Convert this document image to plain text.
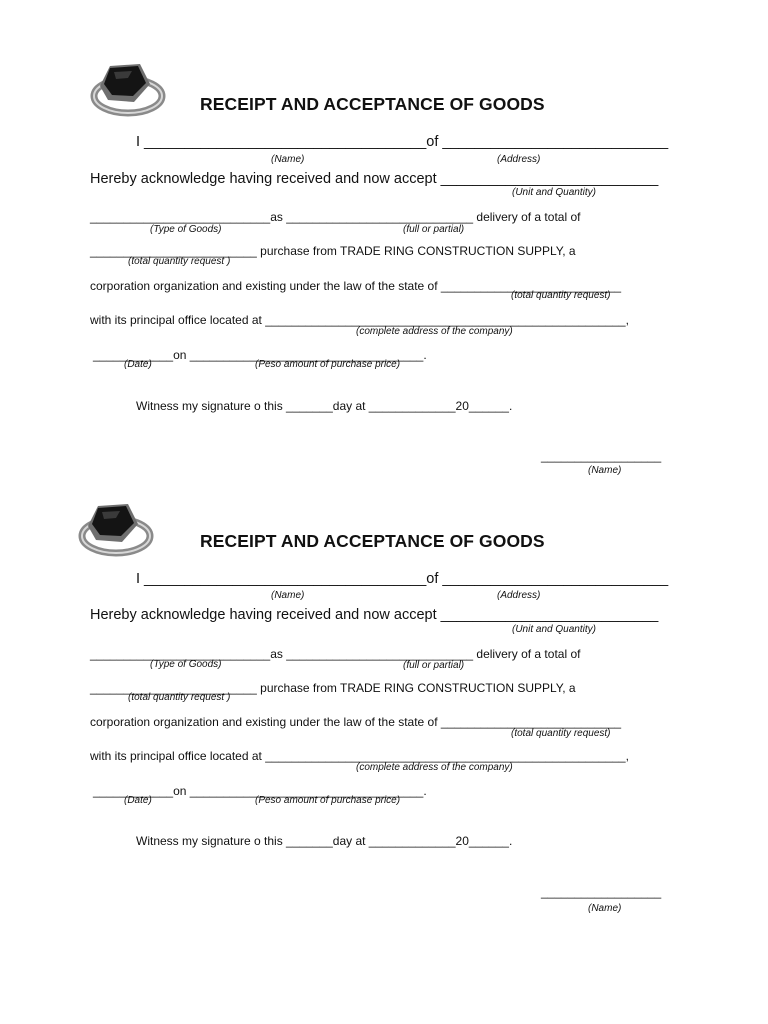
RECEIPT AND ACCEPTANCE OF GOODS
I ___________________________________of ____________________________
(Name)	(Address)
Hereby acknowledge having received and now accept ___________________________
(Unit and Quantity)
___________________________as ____________________________ delivery of a total of
(Type of Goods)	(full or partial)
_________________________ purchase from TRADE RING CONSTRUCTION SUPPLY, a
(total quantity request )
corporation organization and existing under the law of the state of ___________________________
(total quantity request)
with its principal office located at ______________________________________________________,
(complete address of the company)
____________on ___________________________________.
(Date)	(Peso amount of purchase price)
Witness my signature o this _______day at _____________20______.
__________________
(Name)
RECEIPT AND ACCEPTANCE OF GOODS
I ___________________________________of ____________________________
(Name)	(Address)
Hereby acknowledge having received and now accept ___________________________
(Unit and Quantity)
___________________________as ____________________________ delivery of a total of
(Type of Goods)	(full or partial)
_________________________ purchase from TRADE RING CONSTRUCTION SUPPLY, a
(total quantity request )
corporation organization and existing under the law of the state of ___________________________
(total quantity request)
with its principal office located at ______________________________________________________,
(complete address of the company)
____________on ___________________________________.
(Date)	(Peso amount of purchase price)
Witness my signature o this _______day at _____________20______.
__________________
(Name)
